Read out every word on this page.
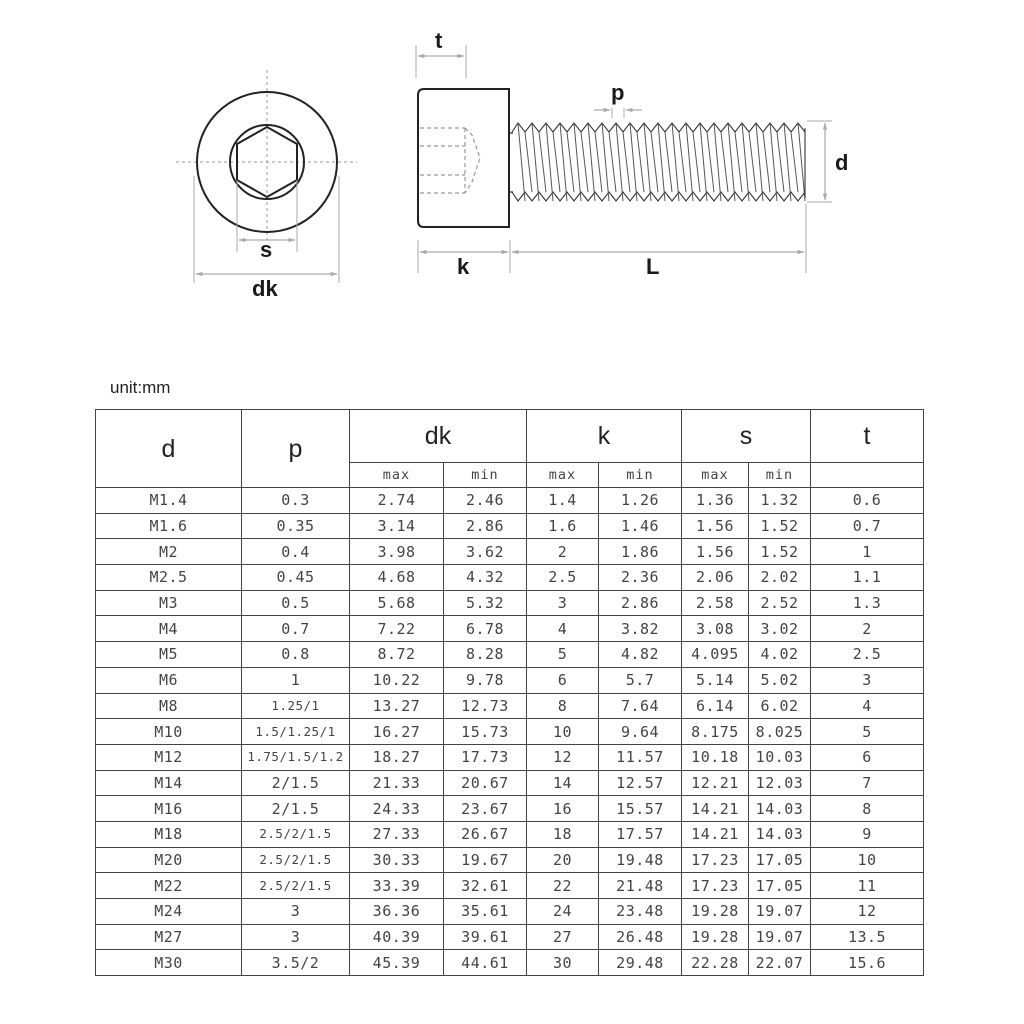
s
dk
t
p
d
k	L
unit:mm
d	p	dk		k		s		t
		max	min	max	min	max	min	
M1.4	0.3	2.74	2.46	1.4	1.26	1.36	1.32	0.6
M1.6	0.35	3.14	2.86	1.6	1.46	1.56	1.52	0.7
M2	0.4	3.98	3.62	2	1.86	1.56	1.52	1
M2.5	0.45	4.68	4.32	2.5	2.36	2.06	2.02	1.1
M3	0.5	5.68	5.32	3	2.86	2.58	2.52	1.3
M4	0.7	7.22	6.78	4	3.82	3.08	3.02	2
M5	0.8	8.72	8.28	5	4.82	4.095	4.02	2.5
M6	1	10.22	9.78	6	5.7	5.14	5.02	3
M8	1.25/1	13.27	12.73	8	7.64	6.14	6.02	4
M10	1.5/1.25/1	16.27	15.73	10	9.64	8.175	8.025	5
M12	1.75/1.5/1.2	18.27	17.73	12	11.57	10.18	10.03	6
M14	2/1.5	21.33	20.67	14	12.57	12.21	12.03	7
M16	2/1.5	24.33	23.67	16	15.57	14.21	14.03	8
M18	2.5/2/1.5	27.33	26.67	18	17.57	14.21	14.03	9
M20	2.5/2/1.5	30.33	19.67	20	19.48	17.23	17.05	10
M22	2.5/2/1.5	33.39	32.61	22	21.48	17.23	17.05	11
M24	3	36.36	35.61	24	23.48	19.28	19.07	12
M27	3	40.39	39.61	27	26.48	19.28	19.07	13.5
M30	3.5/2	45.39	44.61	30	29.48	22.28	22.07	15.6
